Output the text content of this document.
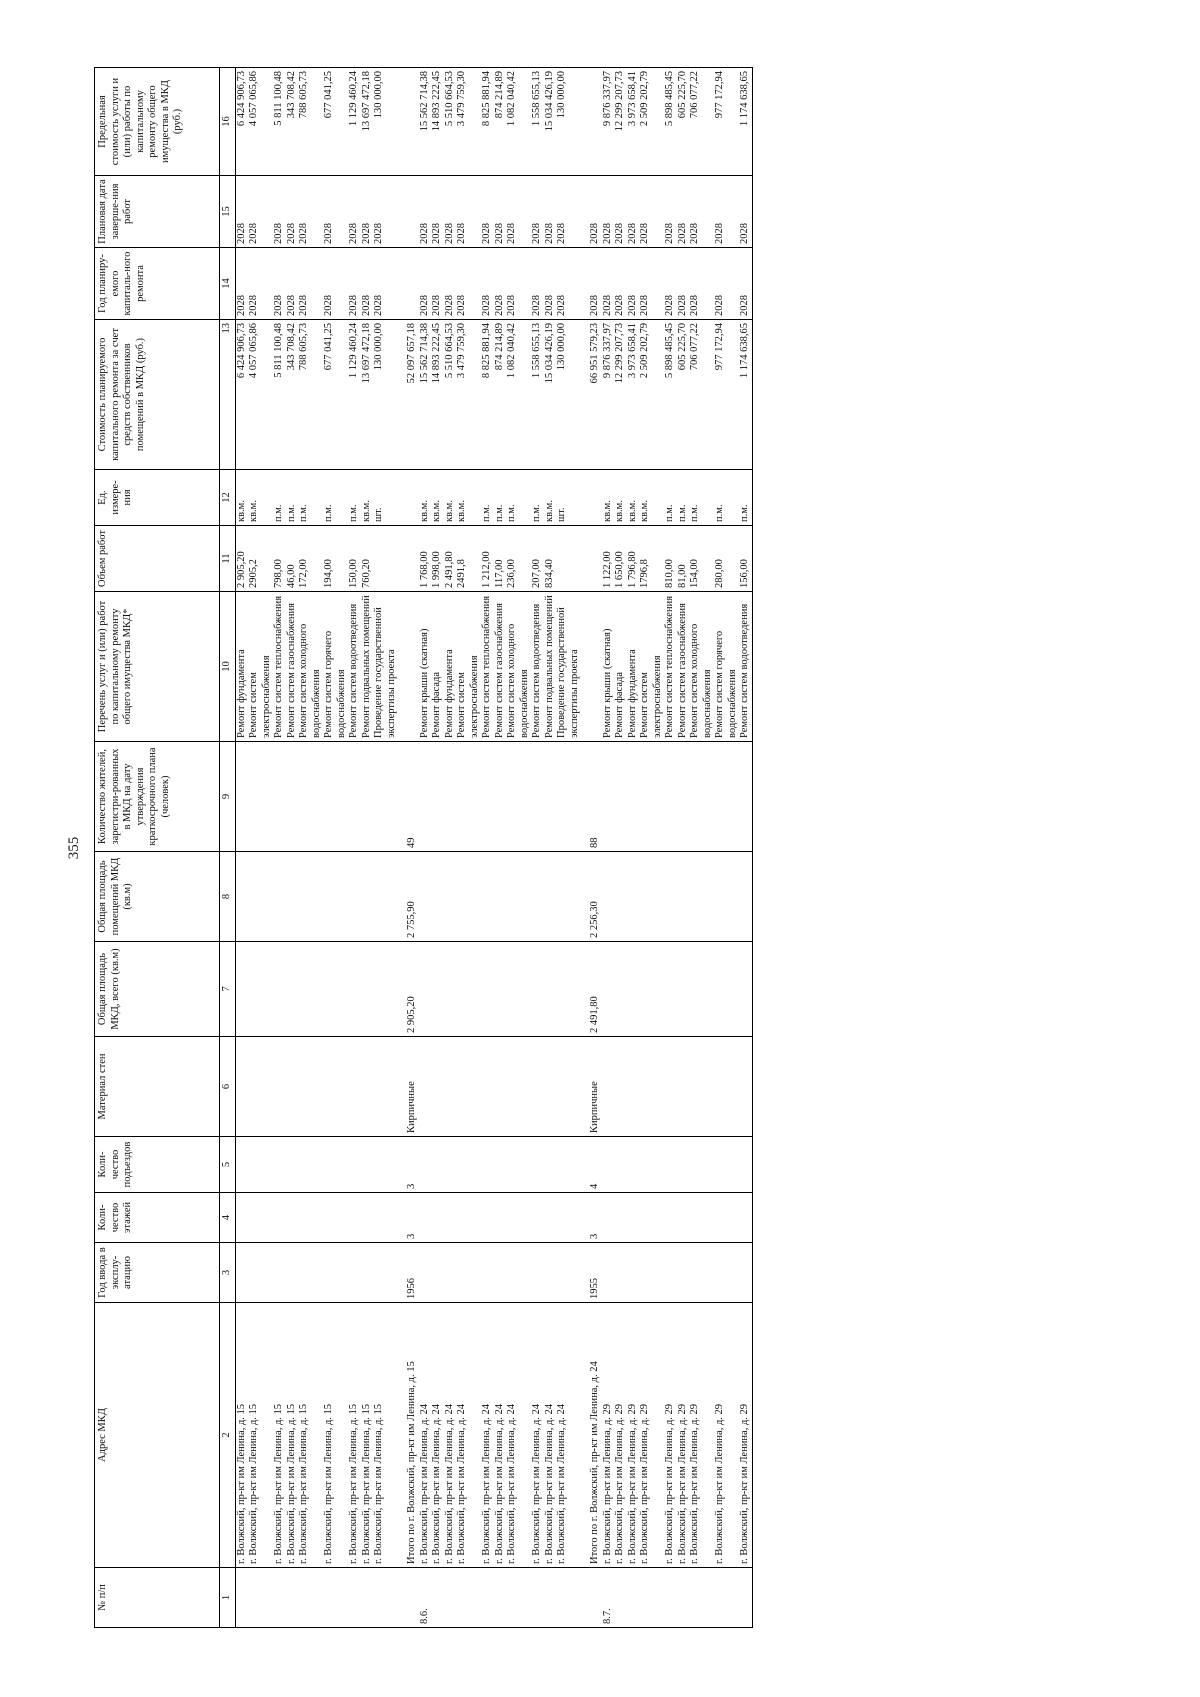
355
№ п/п	Адрес МКД	Год ввода в эксплу-атацию	Коли-чество этажей	Коли-чество подъездов	Материал стен	Общая площадь МКД, всего (кв.м)	Общая площадь помещений МКД (кв.м)	Количество жителей, зарегистри-рованных в МКД на дату утверждения краткосрочного плана (человек)	Перечень услуг и (или) работ по капитальному ремонту общего имущества МКД*	Объем работ	Ед. измере-ния	Стоимость планируемого капитального ремонта за счет средств собственников помещений в МКД (руб.)	Год планиру-емого капиталь-ного ремонта	Плановая дата заверше-ния работ	Предельная стоимость услуги и (или) работы по капитальному ремонту общего имущества в МКД (руб.)
1	2	3	4	5	6	7	8	9	10	11	12	13	14	15	16
	г. Волжский, пр-кт им Ленина, д. 15								Ремонт фундамента	2 905,20	кв.м.	6 424 906,73	2028	2028	6 424 906,73
	г. Волжский, пр-кт им Ленина, д. 15								Ремонт систем электроснабжения	2905,2	кв.м.	4 057 065,86	2028	2028	4 057 065,86
	г. Волжский, пр-кт им Ленина, д. 15								Ремонт систем теплоснабжения	798,00	п.м.	5 811 100,48	2028	2028	5 811 100,48
	г. Волжский, пр-кт им Ленина, д. 15								Ремонт систем газоснабжения	46,00	п.м.	343 708,42	2028	2028	343 708,42
	г. Волжский, пр-кт им Ленина, д. 15								Ремонт систем холодного водоснабжения	172,00	п.м.	788 605,73	2028	2028	788 605,73
	г. Волжский, пр-кт им Ленина, д. 15								Ремонт систем горячего водоснабжения	194,00	п.м.	677 041,25	2028	2028	677 041,25
	г. Волжский, пр-кт им Ленина, д. 15								Ремонт систем водоотведения	150,00	п.м.	1 129 460,24	2028	2028	1 129 460,24
	г. Волжский, пр-кт им Ленина, д. 15								Ремонт подвальных помещений	760,20	кв.м.	13 697 472,18	2028	2028	13 697 472,18
	г. Волжский, пр-кт им Ленина, д. 15								Проведение государственной экспертизы проекта		шт.	130 000,00	2028	2028	130 000,00
	Итого по г. Волжский, пр-кт им Ленина, д. 15	1956	3	3	Кирпичные	2 905,20	2 755,90	49				52 097 657,18			
8.6.	г. Волжский, пр-кт им Ленина, д. 24								Ремонт крыши (скатная)	1 768,00	кв.м.	15 562 714,38	2028	2028	15 562 714,38
	г. Волжский, пр-кт им Ленина, д. 24								Ремонт фасада	1 998,00	кв.м.	14 893 222,45	2028	2028	14 893 222,45
	г. Волжский, пр-кт им Ленина, д. 24								Ремонт фундамента	2 491,80	кв.м.	5 510 664,53	2028	2028	5 510 664,53
	г. Волжский, пр-кт им Ленина, д. 24								Ремонт систем электроснабжения	2491,8	кв.м.	3 479 759,30	2028	2028	3 479 759,30
	г. Волжский, пр-кт им Ленина, д. 24								Ремонт систем теплоснабжения	1 212,00	п.м.	8 825 881,94	2028	2028	8 825 881,94
	г. Волжский, пр-кт им Ленина, д. 24								Ремонт систем газоснабжения	117,00	п.м.	874 214,89	2028	2028	874 214,89
	г. Волжский, пр-кт им Ленина, д. 24								Ремонт систем холодного водоснабжения	236,00	п.м.	1 082 040,42	2028	2028	1 082 040,42
	г. Волжский, пр-кт им Ленина, д. 24								Ремонт систем водоотведения	207,00	п.м.	1 558 655,13	2028	2028	1 558 655,13
	г. Волжский, пр-кт им Ленина, д. 24								Ремонт подвальных помещений	834,40	кв.м.	15 034 426,19	2028	2028	15 034 426,19
	г. Волжский, пр-кт им Ленина, д. 24								Проведение государственной экспертизы проекта		шт.	130 000,00	2028	2028	130 000,00
	Итого по г. Волжский, пр-кт им Ленина, д. 24	1955	3	4	Кирпичные	2 491,80	2 256,30	88				66 951 579,23	2028	2028	
8.7.	г. Волжский, пр-кт им Ленина, д. 29								Ремонт крыши (скатная)	1 122,00	кв.м.	9 876 337,97	2028	2028	9 876 337,97
	г. Волжский, пр-кт им Ленина, д. 29								Ремонт фасада	1 650,00	кв.м.	12 299 207,73	2028	2028	12 299 207,73
	г. Волжский, пр-кт им Ленина, д. 29								Ремонт фундамента	1 796,80	кв.м.	3 973 658,41	2028	2028	3 973 658,41
	г. Волжский, пр-кт им Ленина, д. 29								Ремонт систем электроснабжения	1796,8	кв.м.	2 509 202,79	2028	2028	2 509 202,79
	г. Волжский, пр-кт им Ленина, д. 29								Ремонт систем теплоснабжения	810,00	п.м.	5 898 485,45	2028	2028	5 898 485,45
	г. Волжский, пр-кт им Ленина, д. 29								Ремонт систем газоснабжения	81,00	п.м.	605 225,70	2028	2028	605 225,70
	г. Волжский, пр-кт им Ленина, д. 29								Ремонт систем холодного водоснабжения	154,00	п.м.	706 077,22	2028	2028	706 077,22
	г. Волжский, пр-кт им Ленина, д. 29								Ремонт систем горячего водоснабжения	280,00	п.м.	977 172,94	2028	2028	977 172,94
	г. Волжский, пр-кт им Ленина, д. 29								Ремонт систем водоотведения	156,00	п.м.	1 174 638,65	2028	2028	1 174 638,65
